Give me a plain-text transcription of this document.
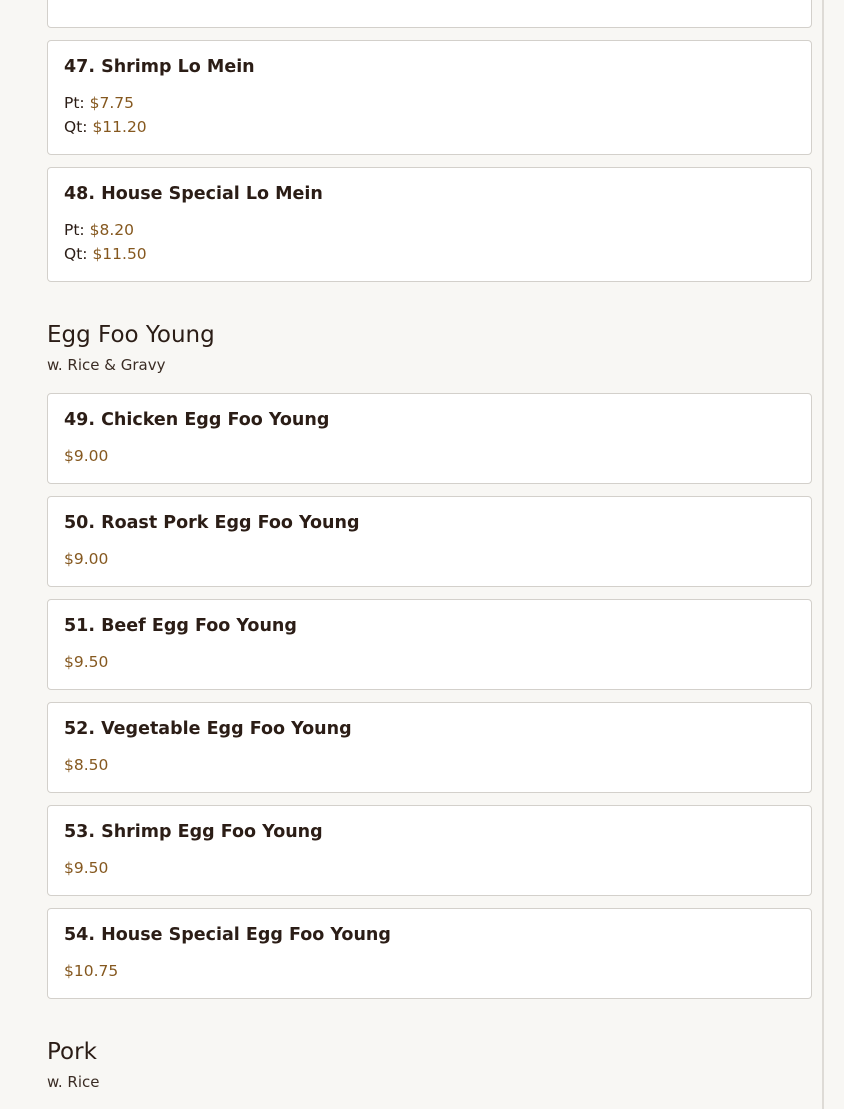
47. Shrimp Lo Mein
Pt: $7.75
Qt: $11.20
48. House Special Lo Mein
Pt: $8.20
Qt: $11.50
Egg Foo Young
w. Rice & Gravy
49. Chicken Egg Foo Young
$9.00
50. Roast Pork Egg Foo Young
$9.00
51. Beef Egg Foo Young
$9.50
52. Vegetable Egg Foo Young
$8.50
53. Shrimp Egg Foo Young
$9.50
54. House Special Egg Foo Young
$10.75
Pork
w. Rice
